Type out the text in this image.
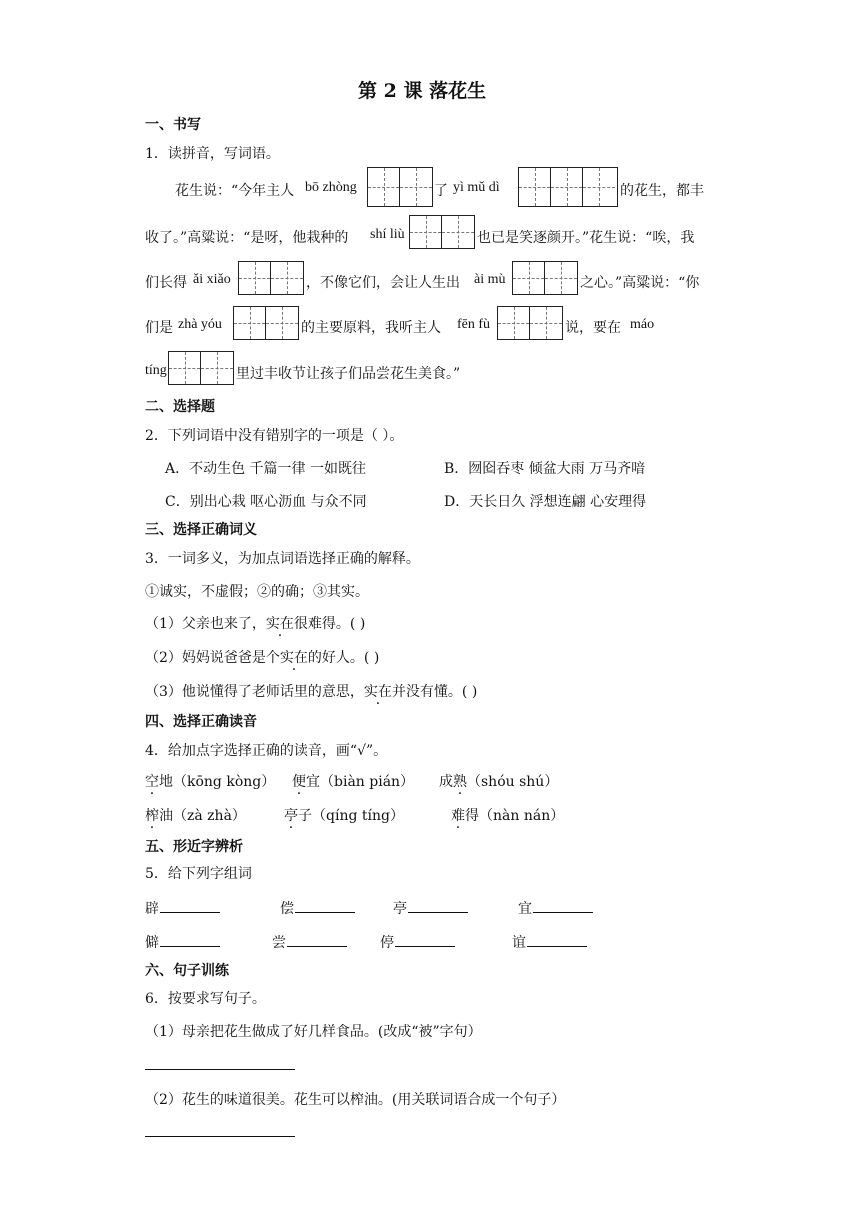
第 2 课 落花生
一、书写
1．读拼音，写词语。
花生说：“今年主人 bō zhòng	了 yì mǔ dì	的花生，都丰
收了。”高粱说：“是呀，他栽种的 shí liù	也已是笑逐颜开。”花生说：“唉，我
们长得 ǎi xiǎo	，不像它们，会让人生出 ài mù	之心。”高粱说：“你
们是 zhà yóu	的主要原料，我听主人 fēn fù	说，要在 máo
tíng	里过丰收节让孩子们品尝花生美食。”
二、选择题
2．下列词语中没有错别字的一项是（ ）。
A．不动生色 千篇一律 一如既往	B．囫囵吞枣 倾盆大雨 万马齐喑
C．别出心栽 呕心沥血 与众不同	D．天长日久 浮想连翩 心安理得
三、选择正确词义
3．一词多义，为加点词语选择正确的解释。
①诚实，不虚假；②的确；③其实。
（1）父亲也来了，实在很难得。( )
（2）妈妈说爸爸是个实在的好人。( )
（3）他说懂得了老师话里的意思，实在并没有懂。( )
四、选择正确读音
4．给加点字选择正确的读音，画“√”。
空地（kōng kòng） 便宜（biàn pián） 成熟（shóu shú）
榨油（zà zhà）	亭子（qíng tíng）	难得（nàn nán）
五、形近字辨析
5．给下列字组词
辟	偿	亭	宜
僻	尝	停	谊
六、句子训练
6．按要求写句子。
（1）母亲把花生做成了好几样食品。(改成“被”字句）
（2）花生的味道很美。花生可以榨油。(用关联词语合成一个句子）
